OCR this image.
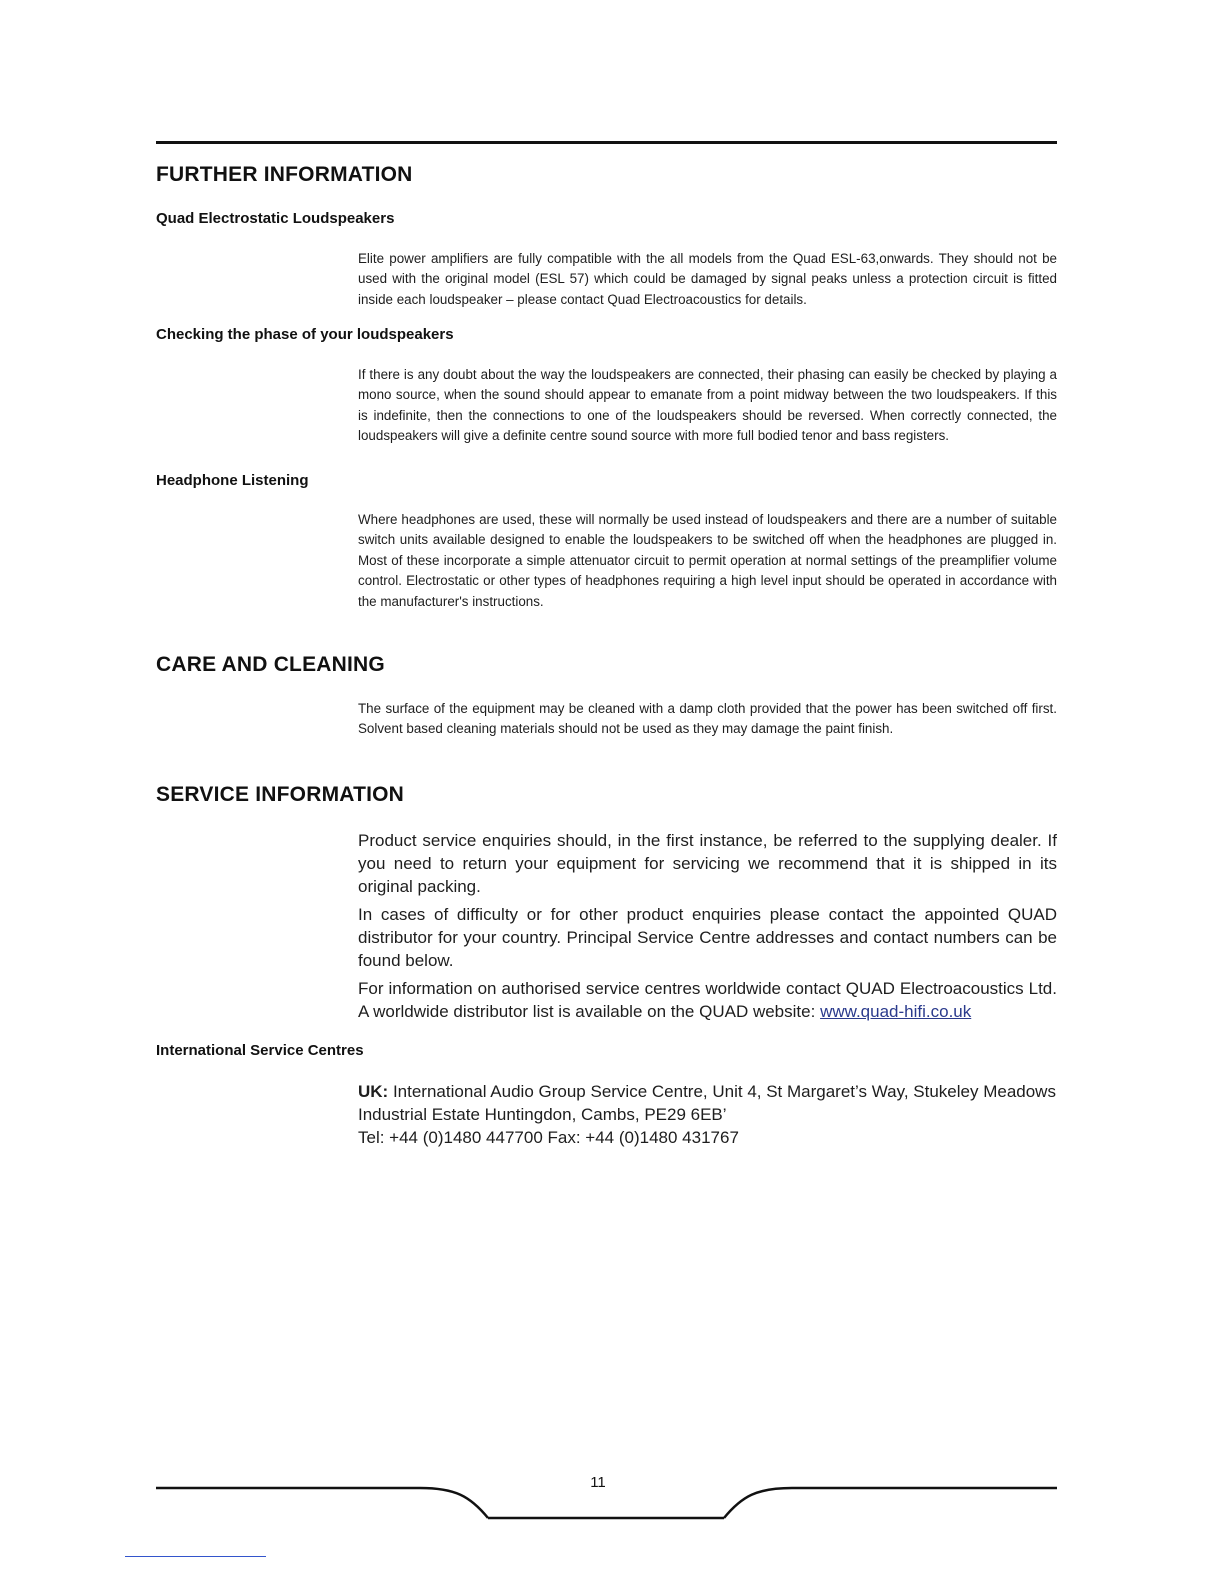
FURTHER INFORMATION
Quad Electrostatic Loudspeakers

Elite power amplifiers are fully compatible with the all models from the Quad ESL-63,onwards. They should not be used with the original model (ESL 57) which could be damaged by signal peaks unless a protection circuit is fitted inside each loudspeaker – please contact Quad Electroacoustics for details.

Checking the phase of your loudspeakers

If there is any doubt about the way the loudspeakers are connected, their phasing can easily be checked by playing a mono source, when the sound should appear to emanate from a point midway between the two loudspeakers. If this is indefinite, then the connections to one of the loudspeakers should be reversed. When correctly connected, the loudspeakers will give a definite centre sound source with more full bodied tenor and bass registers.

Headphone Listening

Where headphones are used, these will normally be used instead of loudspeakers and there are a number of suitable switch units available designed to enable the loudspeakers to be switched off when the headphones are plugged in. Most of these incorporate a simple attenuator circuit to permit operation at normal settings of the preamplifier volume control. Electrostatic or other types of headphones requiring a high level input should be operated in accordance with the manufacturer's instructions.

CARE AND CLEANING

The surface of the equipment may be cleaned with a damp cloth provided that the power has been switched off first. Solvent based cleaning materials should not be used as they may damage the paint finish.

SERVICE INFORMATION

Product service enquiries should, in the first instance, be referred to the supplying dealer. If you need to return your equipment for servicing we recommend that it is shipped in its original packing.

In cases of difficulty or for other product enquiries please contact the appointed QUAD distributor for your country. Principal Service Centre addresses and contact numbers can be found below.

For information on authorised service centres worldwide contact QUAD Electroacoustics Ltd. A worldwide distributor list is available on the QUAD website: www.quad-hifi.co.uk

International Service Centres

UK: International Audio Group Service Centre, Unit 4, St Margaret’s Way, Stukeley Meadows Industrial Estate Huntingdon, Cambs, PE29 6EB’
Tel: +44 (0)1480 447700 Fax: +44 (0)1480 431767

11
